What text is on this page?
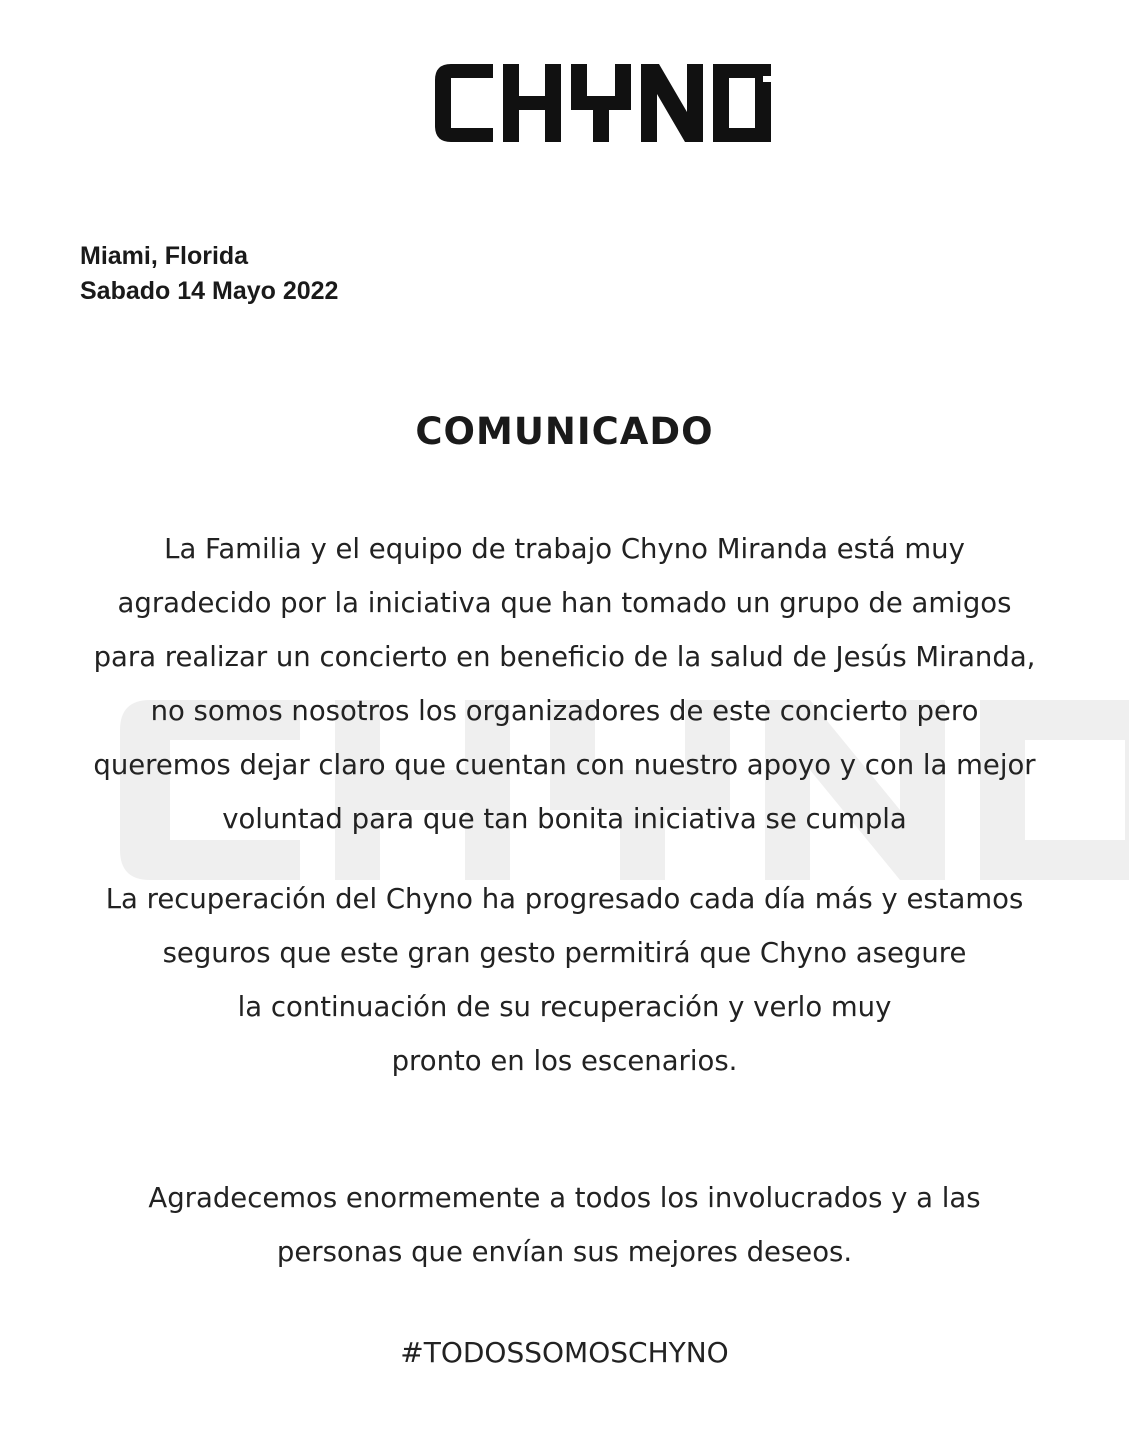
Miami, Florida
Sabado 14 Mayo 2022
COMUNICADO
La Familia y el equipo de trabajo Chyno Miranda está muy
agradecido por la iniciativa que han tomado un grupo de amigos
para realizar un concierto en beneficio de la salud de Jesús Miranda,
no somos nosotros los organizadores de este concierto pero
queremos dejar claro que cuentan con nuestro apoyo y con la mejor
voluntad para que tan bonita iniciativa se cumpla
La recuperación del Chyno ha progresado cada día más y estamos
seguros que este gran gesto permitirá que Chyno asegure
la continuación de su recuperación y verlo muy
pronto en los escenarios.
Agradecemos enormemente a todos los involucrados y a las
personas que envían sus mejores deseos.
#TODOSSOMOSCHYNO
